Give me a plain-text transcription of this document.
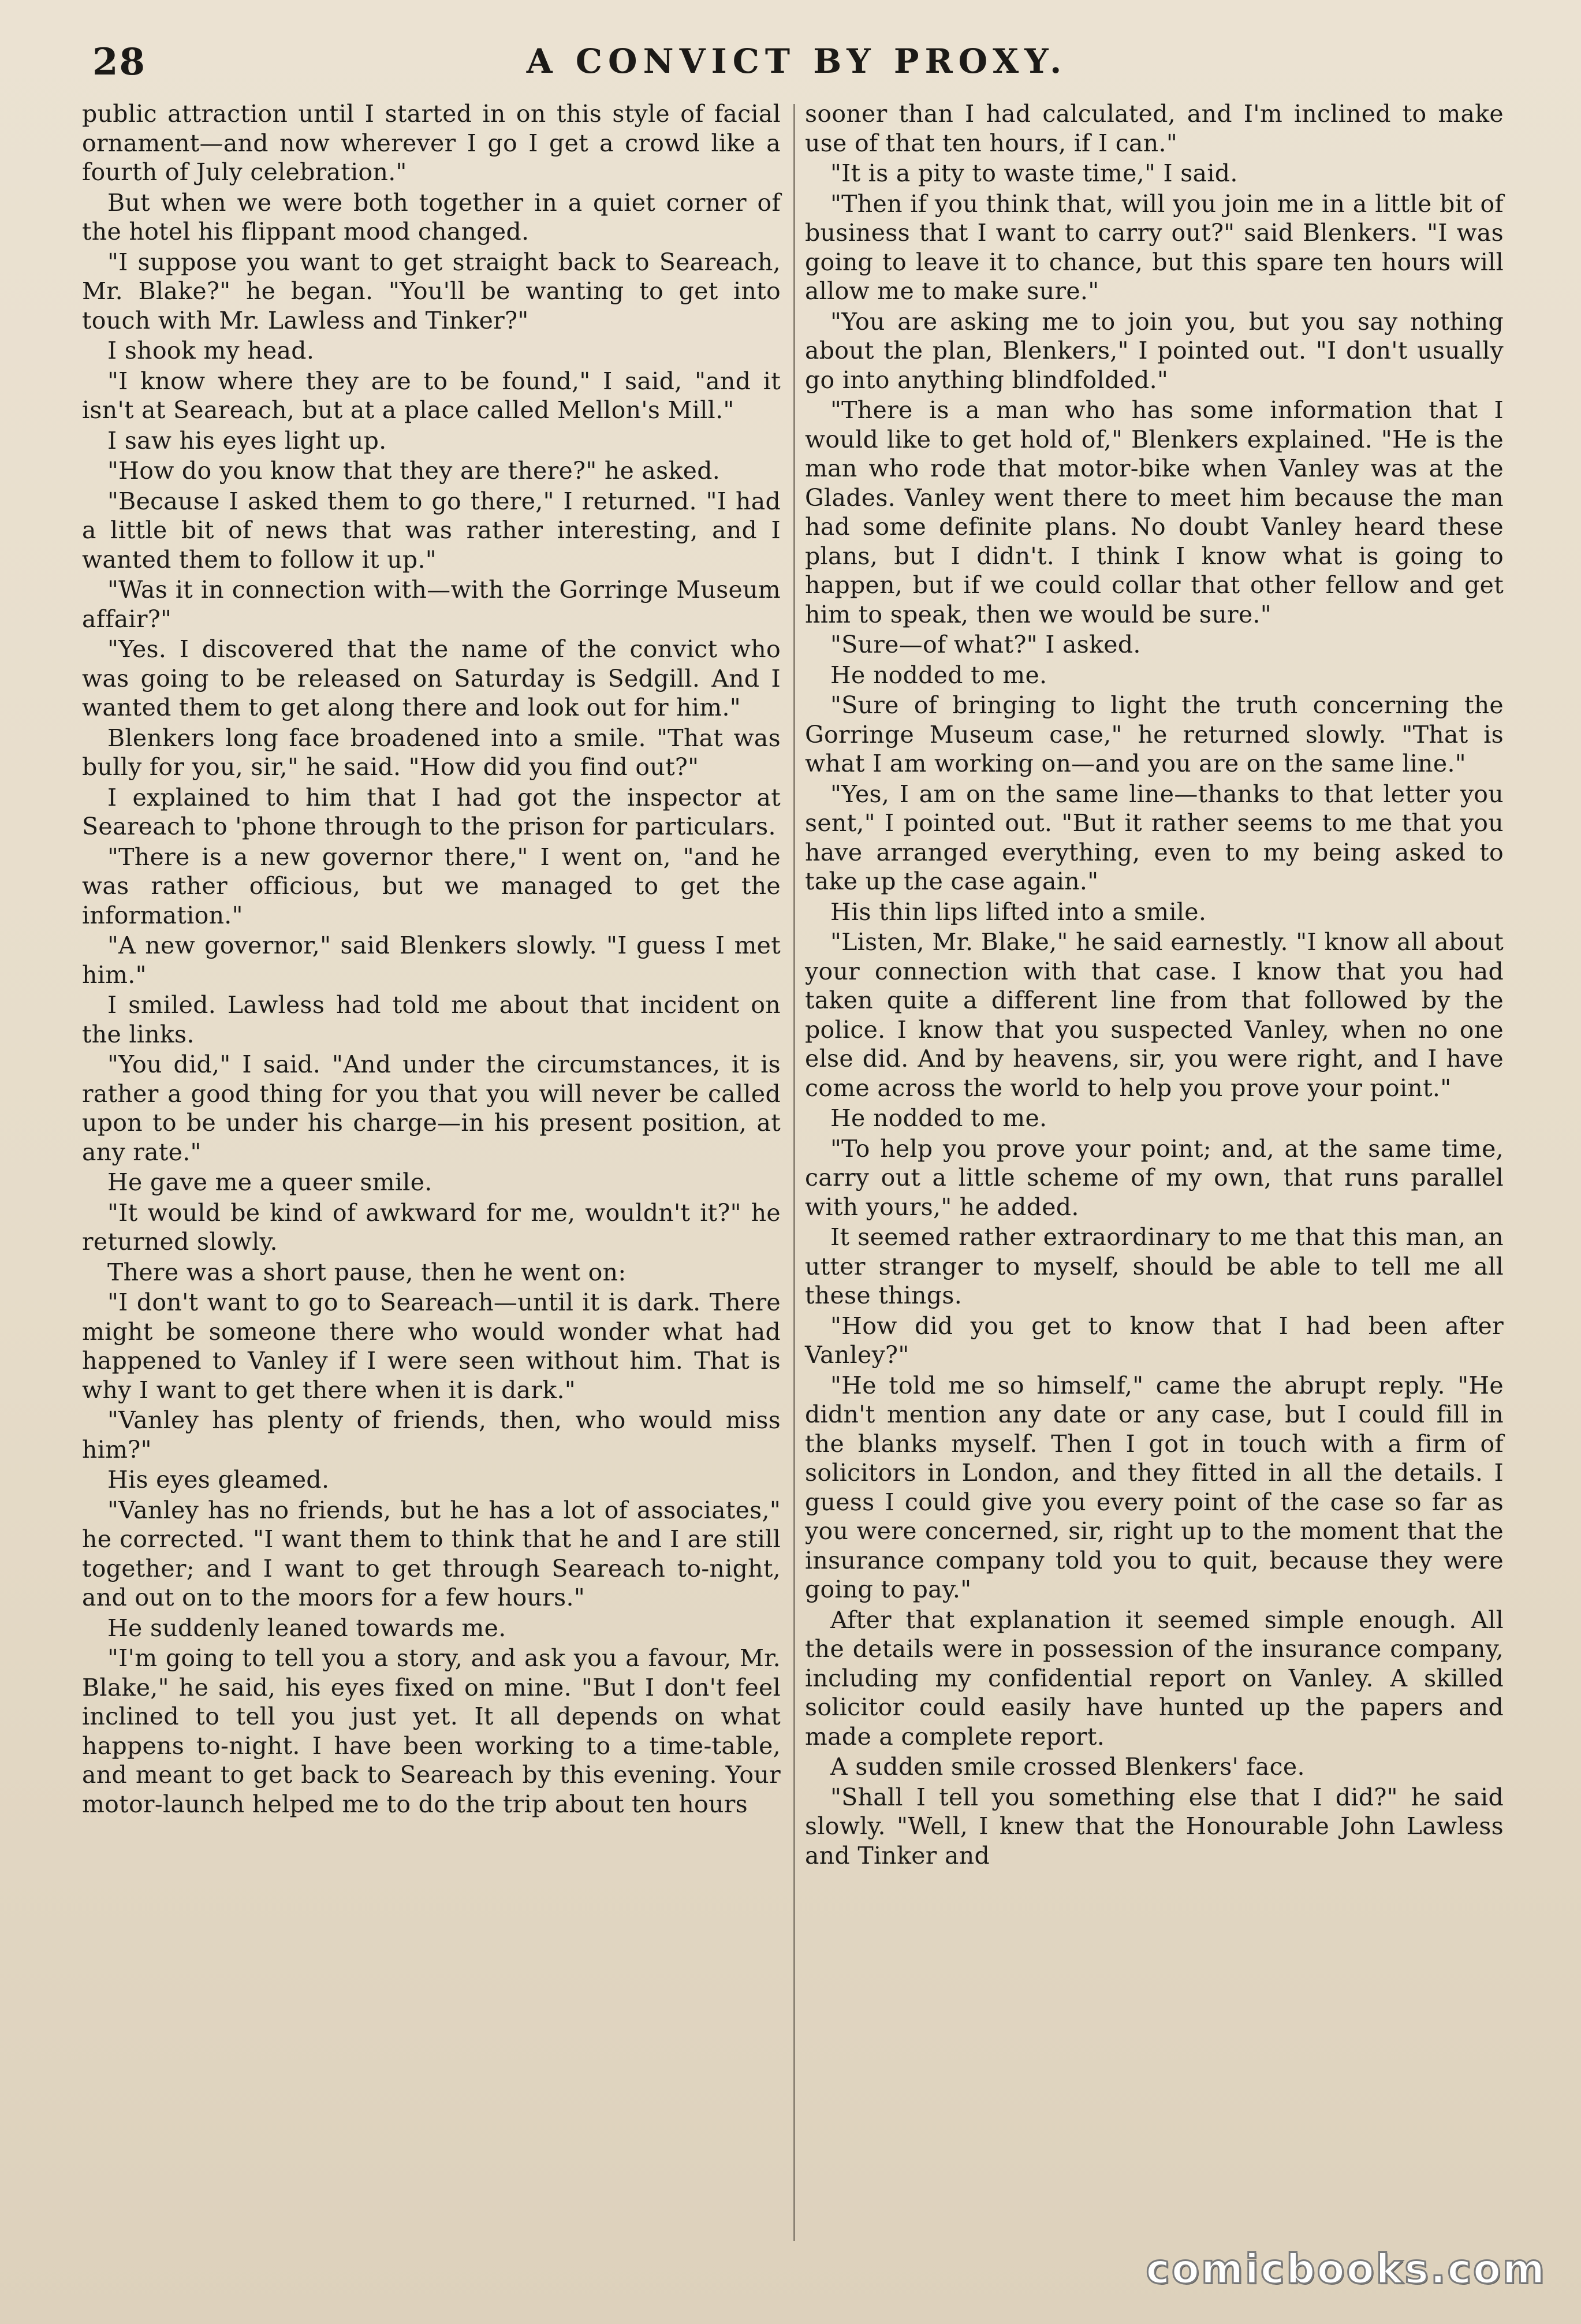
28	A CONVICT BY PROXY.

public attraction until I started in on this style of facial ornament—and now wherever I go I get a crowd like a fourth of July celebration."

But when we were both together in a quiet corner of the hotel his flippant mood changed.

"I suppose you want to get straight back to Seareach, Mr. Blake?" he began. "You'll be wanting to get into touch with Mr. Lawless and Tinker?"

I shook my head.

"I know where they are to be found," I said, "and it isn't at Seareach, but at a place called Mellon's Mill."

I saw his eyes light up.

"How do you know that they are there?" he asked.

"Because I asked them to go there," I returned. "I had a little bit of news that was rather interesting, and I wanted them to follow it up."

"Was it in connection with—with the Gorringe Museum affair?"

"Yes. I discovered that the name of the convict who was going to be released on Saturday is Sedgill. And I wanted them to get along there and look out for him."

Blenkers long face broadened into a smile. "That was bully for you, sir," he said. "How did you find out?"

I explained to him that I had got the inspector at Seareach to 'phone through to the prison for particulars.

"There is a new governor there," I went on, "and he was rather officious, but we managed to get the information."

"A new governor," said Blenkers slowly. "I guess I met him."

I smiled. Lawless had told me about that incident on the links.

"You did," I said. "And under the circumstances, it is rather a good thing for you that you will never be called upon to be under his charge—in his present position, at any rate."

He gave me a queer smile.

"It would be kind of awkward for me, wouldn't it?" he returned slowly.

There was a short pause, then he went on:

"I don't want to go to Seareach—until it is dark. There might be someone there who would wonder what had happened to Vanley if I were seen without him. That is why I want to get there when it is dark."

"Vanley has plenty of friends, then, who would miss him?"

His eyes gleamed.

"Vanley has no friends, but he has a lot of associates," he corrected. "I want them to think that he and I are still together; and I want to get through Seareach to-night, and out on to the moors for a few hours."

He suddenly leaned towards me.

"I'm going to tell you a story, and ask you a favour, Mr. Blake," he said, his eyes fixed on mine. "But I don't feel inclined to tell you just yet. It all depends on what happens to-night. I have been working to a time-table, and meant to get back to Seareach by this evening. Your motor-launch helped me to do the trip about ten hours

sooner than I had calculated, and I'm inclined to make use of that ten hours, if I can."

"It is a pity to waste time," I said.

"Then if you think that, will you join me in a little bit of business that I want to carry out?" said Blenkers. "I was going to leave it to chance, but this spare ten hours will allow me to make sure."

"You are asking me to join you, but you say nothing about the plan, Blenkers," I pointed out. "I don't usually go into anything blindfolded."

"There is a man who has some information that I would like to get hold of," Blenkers explained. "He is the man who rode that motor-bike when Vanley was at the Glades. Vanley went there to meet him because the man had some definite plans. No doubt Vanley heard these plans, but I didn't. I think I know what is going to happen, but if we could collar that other fellow and get him to speak, then we would be sure."

"Sure—of what?" I asked.

He nodded to me.

"Sure of bringing to light the truth concerning the Gorringe Museum case," he returned slowly. "That is what I am working on—and you are on the same line."

"Yes, I am on the same line—thanks to that letter you sent," I pointed out. "But it rather seems to me that you have arranged everything, even to my being asked to take up the case again."

His thin lips lifted into a smile.

"Listen, Mr. Blake," he said earnestly. "I know all about your connection with that case. I know that you had taken quite a different line from that followed by the police. I know that you suspected Vanley, when no one else did. And by heavens, sir, you were right, and I have come across the world to help you prove your point."

He nodded to me.

"To help you prove your point; and, at the same time, carry out a little scheme of my own, that runs parallel with yours," he added.

It seemed rather extraordinary to me that this man, an utter stranger to myself, should be able to tell me all these things.

"How did you get to know that I had been after Vanley?"

"He told me so himself," came the abrupt reply. "He didn't mention any date or any case, but I could fill in the blanks myself. Then I got in touch with a firm of solicitors in London, and they fitted in all the details. I guess I could give you every point of the case so far as you were concerned, sir, right up to the moment that the insurance company told you to quit, because they were going to pay."

After that explanation it seemed simple enough. All the details were in possession of the insurance company, including my confidential report on Vanley. A skilled solicitor could easily have hunted up the papers and made a complete report.

A sudden smile crossed Blenkers' face.

"Shall I tell you something else that I did?" he said slowly. "Well, I knew that the Honourable John Lawless and Tinker and

comicbooks.com
